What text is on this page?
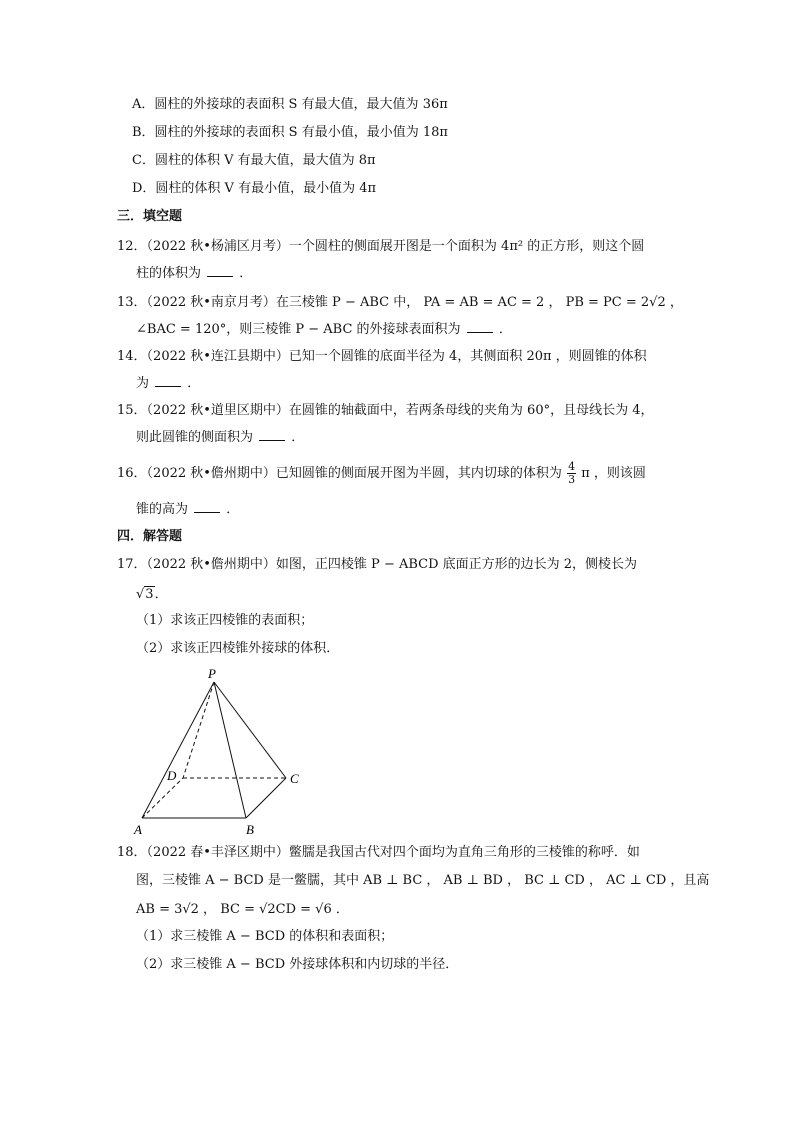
A．圆柱的外接球的表面积 S 有最大值，最大值为 36π
B．圆柱的外接球的表面积 S 有最小值，最小值为 18π
C．圆柱的体积 V 有最大值，最大值为 8π
D．圆柱的体积 V 有最小值，最小值为 4π
三．填空题
12．（2022 秋•杨浦区月考）一个圆柱的侧面展开图是一个面积为 4π² 的正方形，则这个圆
柱的体积为	．
13．（2022 秋•南京月考）在三棱锥 P − ABC 中， PA = AB = AC = 2 ， PB = PC = 2√2 ，
∠BAC = 120°，则三棱锥 P − ABC 的外接球表面积为	．
14．（2022 秋•连江县期中）已知一个圆锥的底面半径为 4，其侧面积 20π ，则圆锥的体积
为	．
15．（2022 秋•道里区期中）在圆锥的轴截面中，若两条母线的夹角为 60°，且母线长为 4，
则此圆锥的侧面积为	．
16．（2022 秋•儋州期中）已知圆锥的侧面展开图为半圆，其内切球的体积为 $\frac{4}{3}$ π ，则该圆
锥的高为	．
四．解答题
17．（2022 秋•儋州期中）如图，正四棱锥 P − ABCD 底面正方形的边长为 2，侧棱长为
√3．
（1）求该正四棱锥的表面积；
（2）求该正四棱锥外接球的体积．
P
A	B
C
D
18．（2022 春•丰泽区期中）鳖臑是我国古代对四个面均为直角三角形的三棱锥的称呼．如
图，三棱锥 A − BCD 是一鳖臑，其中 AB ⊥ BC ， AB ⊥ BD ， BC ⊥ CD ， AC ⊥ CD ，且高
AB = 3√2 ， BC = √2CD = √6 ．
（1）求三棱锥 A − BCD 的体积和表面积；
（2）求三棱锥 A − BCD 外接球体积和内切球的半径．
